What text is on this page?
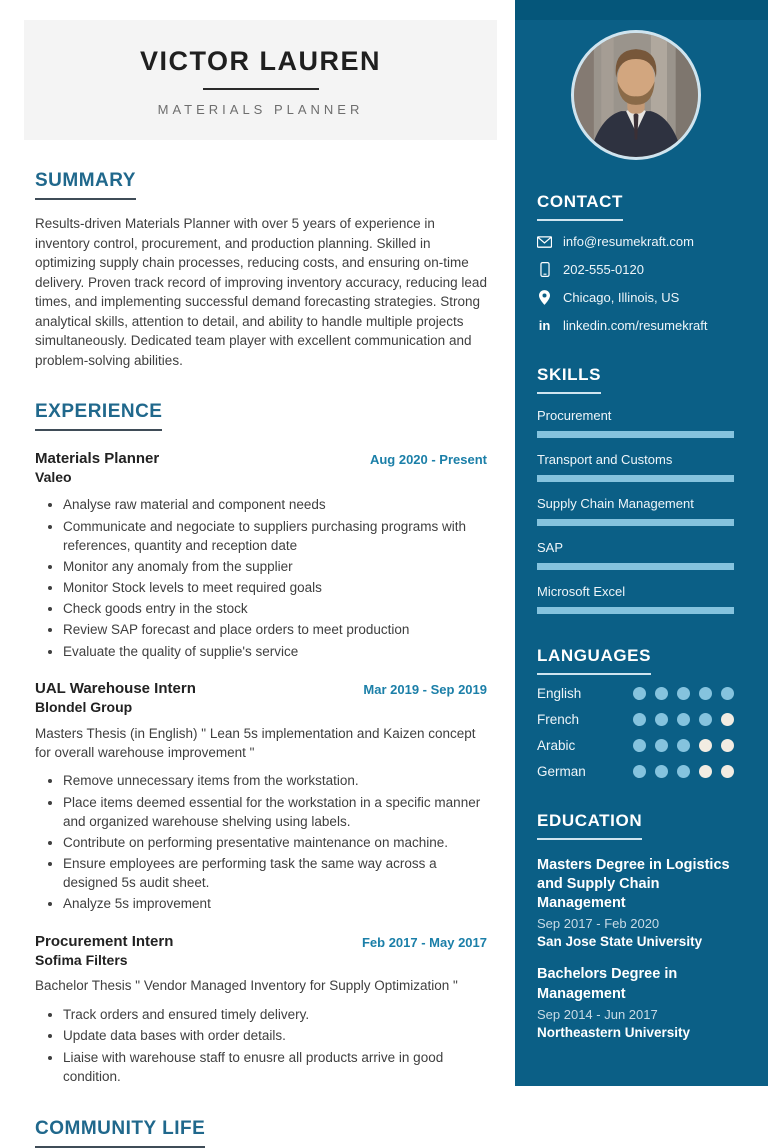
VICTOR LAUREN
MATERIALS PLANNER
SUMMARY

Results-driven Materials Planner with over 5 years of experience in inventory control, procurement, and production planning. Skilled in optimizing supply chain processes, reducing costs, and ensuring on-time delivery. Proven track record of improving inventory accuracy, reducing lead times, and implementing successful demand forecasting strategies. Strong analytical skills, attention to detail, and ability to handle multiple projects simultaneously. Dedicated team player with excellent communication and problem-solving abilities.

EXPERIENCE
Materials Planner
Valeo
Aug 2020 - Present
• Analyse raw material and component needs
• Communicate and negociate to suppliers purchasing programs with references, quantity and reception date
• Monitor any anomaly from the supplier
• Monitor Stock levels to meet required goals
• Check goods entry in the stock
• Review SAP forecast and place orders to meet production
• Evaluate the quality of supplie's service
UAL Warehouse Intern
Blondel Group
Mar 2019 - Sep 2019
Masters Thesis (in English) " Lean 5s implementation and Kaizen concept for overall warehouse improvement "
• Remove unnecessary items from the workstation.
• Place items deemed essential for the workstation in a specific manner and organized warehouse shelving using labels.
• Contribute on performing presentative maintenance on machine.
• Ensure employees are performing task the same way across a designed 5s audit sheet.
• Analyze 5s improvement
Procurement Intern
Sofima Filters
Feb 2017 - May 2017
Bachelor Thesis " Vendor Managed Inventory for Supply Optimization "
• Track orders and ensured timely delivery.
• Update data bases with order details.
• Liaise with warehouse staff to enusre all products arrive in good condition.
COMMUNITY LIFE
CONTACT
info@resumekraft.com
202-555-0120
Chicago, Illinois, US
in linkedin.com/resumekraft
SKILLS
Procurement
Transport and Customs
Supply Chain Management
SAP
Microsoft Excel
LANGUAGES
English
French
Arabic
German
EDUCATION
Masters Degree in Logistics and Supply Chain Management
Sep 2017 - Feb 2020
San Jose State University
Bachelors Degree in Management
Sep 2014 - Jun 2017
Northeastern University
